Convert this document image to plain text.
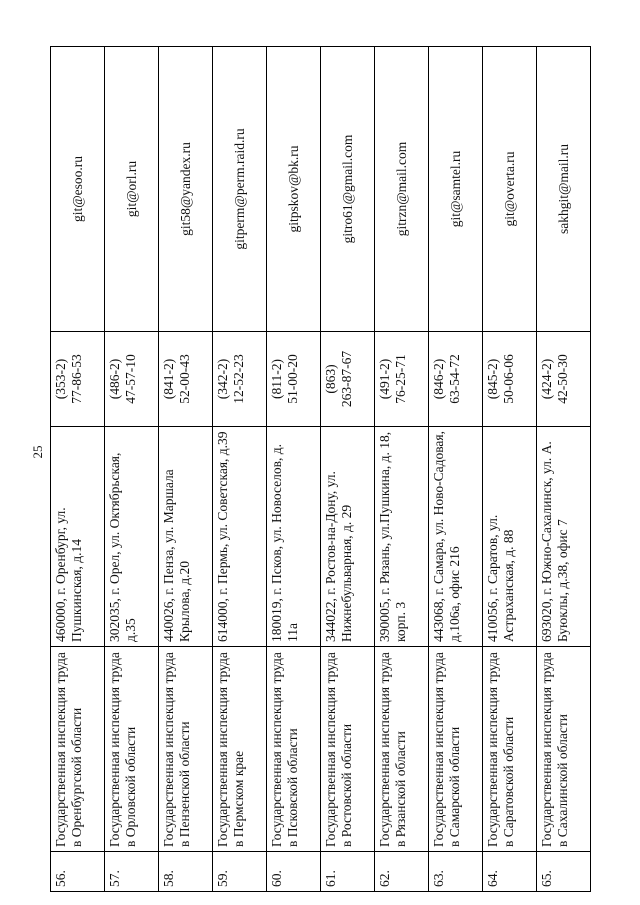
25
56.	Государственная инспекция труда в Оренбургской области	460000, г. Оренбург, ул. Пушкинская, д.14	(353-2) 77-86-53	git@esoo.ru
57.	Государственная инспекция труда в Орловской области	302035, г. Орел, ул. Октябрьская, д.35	(486-2) 47-57-10	git@orl.ru
58.	Государственная инспекция труда в Пензенской области	440026, г. Пенза, ул. Маршала Крылова, д.20	(841-2) 52-00-43	git58@yandex.ru
59.	Государственная инспекция труда в Пермском крае	614000, г. Пермь, ул. Советская, д.39	(342-2) 12-52-23	gitperm@perm.raid.ru
60.	Государственная инспекция труда в Псковской области	180019, г. Псков, ул. Новоселов, д. 11а	(811-2) 51-00-20	gitpskov@bk.ru
61.	Государственная инспекция труда в Ростовской области	344022, г. Ростов-на-Дону, ул. Нижнебульварная, д. 29	(863) 263-87-67	gitro61@gmail.com
62.	Государственная инспекция труда в Рязанской области	390005, г. Рязань, ул.Пушкина, д. 18, корп. 3	(491-2) 76-25-71	gitrzn@mail.com
63.	Государственная инспекция труда в Самарской области	443068, г. Самара, ул. Ново-Садовая, д.106а, офис 216	(846-2) 63-54-72	git@samtel.ru
64.	Государственная инспекция труда в Саратовской области	410056, г. Саратов, ул. Астраханская, д. 88	(845-2) 50-06-06	git@overta.ru
65.	Государственная инспекция труда в Сахалинской области	693020, г. Южно-Сахалинск, ул. А. Буюклы, д.38, офис 7	(424-2) 42-50-30	sakhgit@mail.ru
